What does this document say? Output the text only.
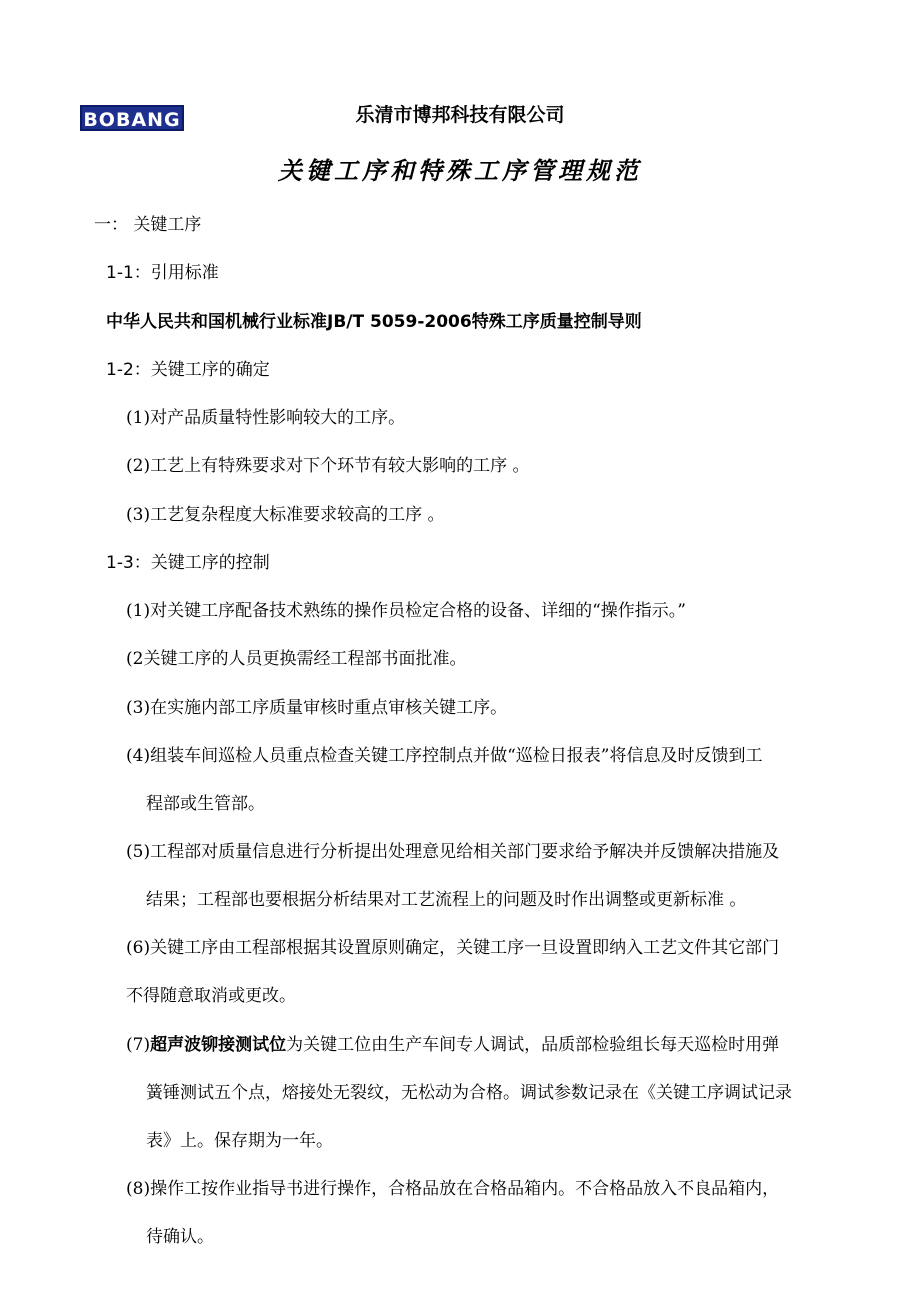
BOBANG	乐清市博邦科技有限公司
关键工序和特殊工序管理规范
一： 关键工序
1-1：引用标准
中华人民共和国机械行业标准JB/T 5059-2006特殊工序质量控制导则
1-2：关键工序的确定
(1)对产品质量特性影响较大的工序。
(2)工艺上有特殊要求对下个环节有较大影响的工序 。
(3)工艺复杂程度大标准要求较高的工序 。
1-3：关键工序的控制
(1)对关键工序配备技术熟练的操作员检定合格的设备、详细的“操作指示。”
(2关键工序的人员更换需经工程部书面批准。
(3)在实施内部工序质量审核时重点审核关键工序。
(4)组装车间巡检人员重点检查关键工序控制点并做“巡检日报表”将信息及时反馈到工
程部或生管部。
(5)工程部对质量信息进行分析提出处理意见给相关部门要求给予解决并反馈解决措施及
结果；工程部也要根据分析结果对工艺流程上的问题及时作出调整或更新标准 。
(6)关键工序由工程部根据其设置原则确定，关键工序一旦设置即纳入工艺文件其它部门
不得随意取消或更改。
(7)超声波铆接测试位为关键工位由生产车间专人调试，品质部检验组长每天巡检时用弹
簧锤测试五个点，熔接处无裂纹，无松动为合格。调试参数记录在《关键工序调试记录
表》上。保存期为一年。
(8)操作工按作业指导书进行操作，合格品放在合格品箱内。不合格品放入不良品箱内，
待确认。
